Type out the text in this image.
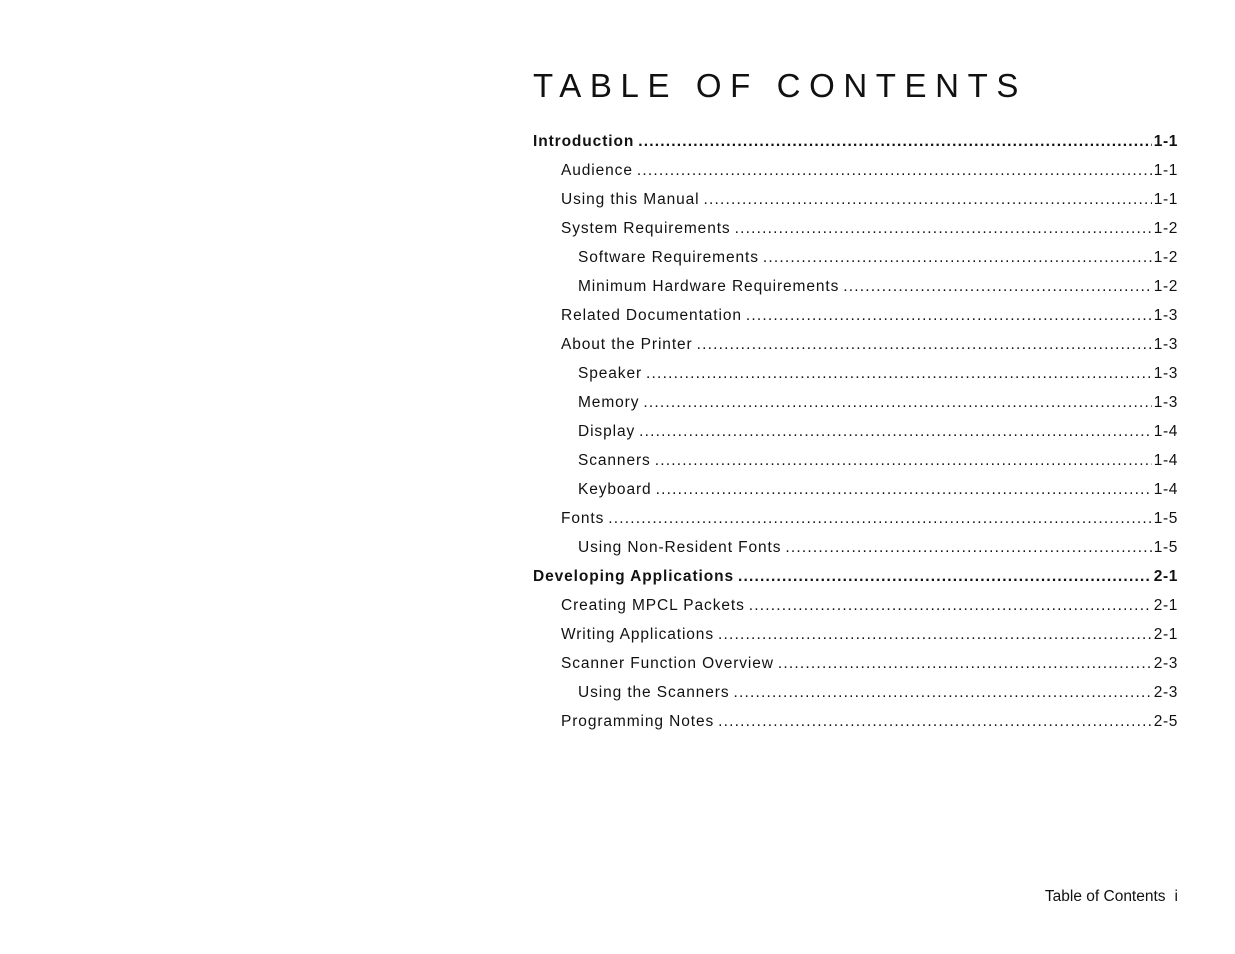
TABLE OF CONTENTS
Introduction .....	1-1
Audience .....	1-1
Using this Manual .....	1-1
System Requirements .....	1-2
Software Requirements .....	1-2
Minimum Hardware Requirements .....	1-2
Related Documentation .....	1-3
About the Printer .....	1-3
Speaker .....	1-3
Memory .....	1-3
Display .....	1-4
Scanners .....	1-4
Keyboard .....	1-4
Fonts .....	1-5
Using Non-Resident Fonts .....	1-5
Developing Applications .....	2-1
Creating MPCL Packets .....	2-1
Writing Applications .....	2-1
Scanner Function Overview .....	2-3
Using the Scanners .....	2-3
Programming Notes .....	2-5
Table of Contents i
